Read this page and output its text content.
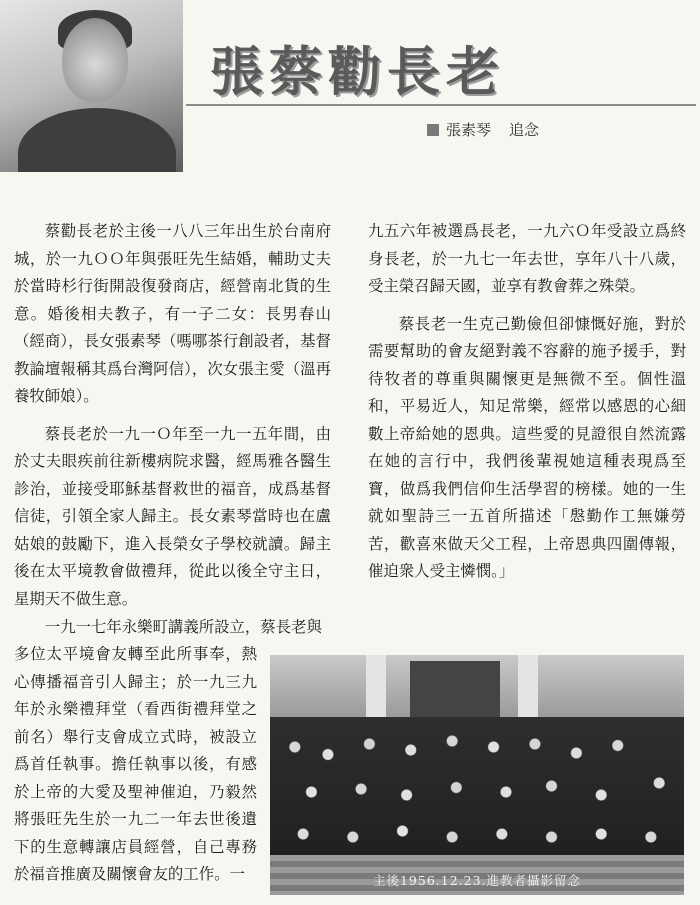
張蔡勸長老
張素琴 追念

蔡勸長老於主後一八八三年出生於台南府城，於一九ＯＯ年與張旺先生結婚，輔助丈夫於當時杉行街開設復發商店，經營南北貨的生意。婚後相夫教子，有一子二女：長男春山（經商），長女張素琴（嗎哪茶行創設者，基督教論壇報稱其爲台灣阿信），次女張主愛（溫再養牧師娘）。

蔡長老於一九一Ｏ年至一九一五年間，由於丈夫眼疾前往新樓病院求醫，經馬雅各醫生診治，並接受耶穌基督救世的福音，成爲基督信徒，引領全家人歸主。長女素琴當時也在盧姑娘的鼓勵下，進入長榮女子學校就讀。歸主後在太平境教會做禮拜，從此以後全守主日，星期天不做生意。

一九一七年永樂町講義所設立，蔡長老與

多位太平境會友轉至此所事奉，熱心傳播福音引人歸主；於一九三九年於永樂禮拜堂（看西街禮拜堂之前名）舉行支會成立式時，被設立爲首任執事。擔任執事以後，有感於上帝的大愛及聖神催迫，乃毅然將張旺先生於一九二一年去世後遺下的生意轉讓店員經營，自己專務於福音推廣及關懷會友的工作。一

九五六年被選爲長老，一九六Ｏ年受設立爲終身長老，於一九七一年去世，享年八十八歲，受主榮召歸天國，並享有教會葬之殊榮。

蔡長老一生克己勤儉但卻慷慨好施，對於需要幫助的會友絕對義不容辭的施予援手，對待牧者的尊重與關懷更是無微不至。個性溫和，平易近人，知足常樂，經常以感恩的心細數上帝給她的恩典。這些愛的見證很自然流露在她的言行中，我們後輩視她這種表現爲至寶，做爲我們信仰生活學習的榜樣。她的一生就如聖詩三一五首所描述「慇勤作工無嫌勞苦，歡喜來做天父工程，上帝恩典四圍傳報，催迫衆人受主憐憫。」

主後1956.12.23.進教者攝影留念
